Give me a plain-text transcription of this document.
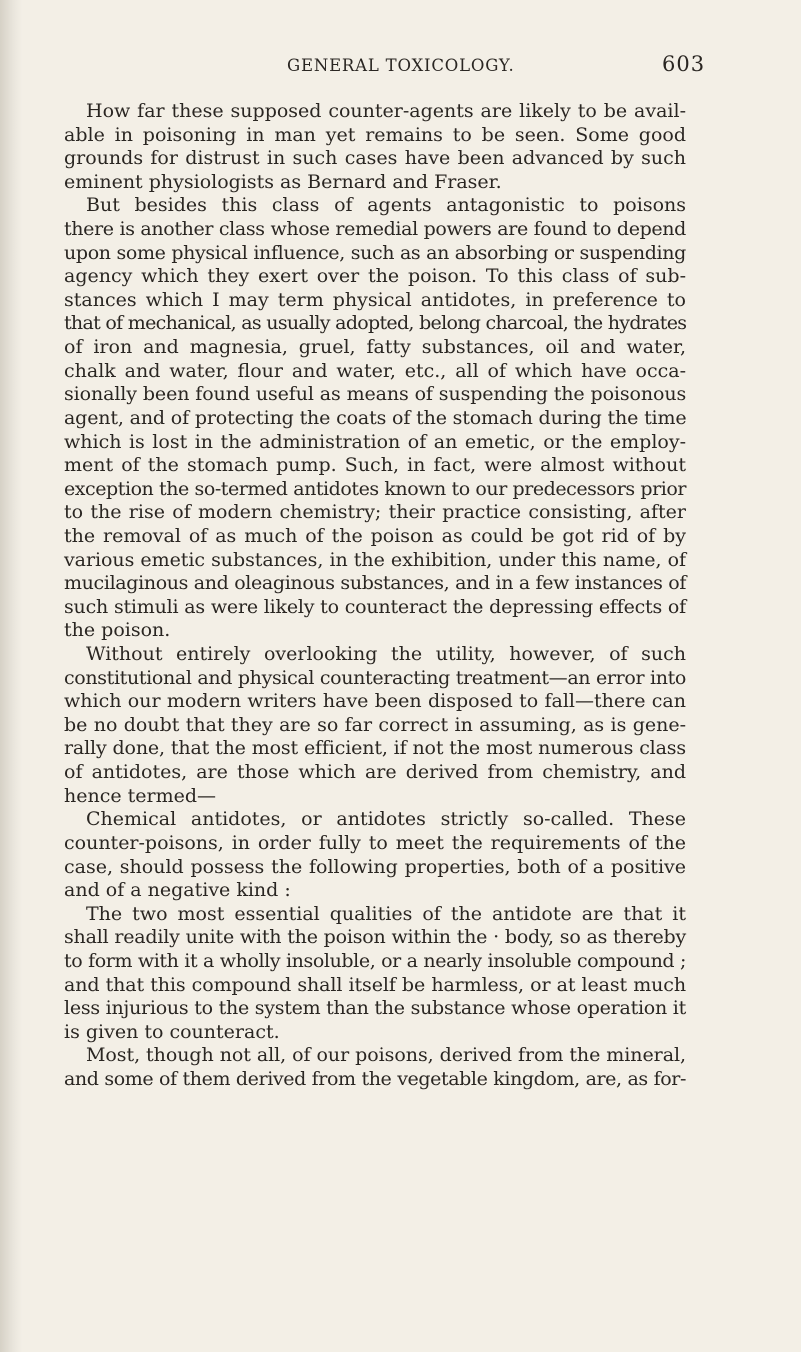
GENERAL TOXICOLOGY.	603
How far these supposed counter-agents are likely to be avail-
able in poisoning in man yet remains to be seen. Some good
grounds for distrust in such cases have been advanced by such
eminent physiologists as Bernard and Fraser.
But besides this class of agents antagonistic to poisons
there is another class whose remedial powers are found to depend
upon some physical influence, such as an absorbing or suspending
agency which they exert over the poison. To this class of sub-
stances which I may term physical antidotes, in preference to
that of mechanical, as usually adopted, belong charcoal, the hydrates
of iron and magnesia, gruel, fatty substances, oil and water,
chalk and water, flour and water, etc., all of which have occa-
sionally been found useful as means of suspending the poisonous
agent, and of protecting the coats of the stomach during the time
which is lost in the administration of an emetic, or the employ-
ment of the stomach pump. Such, in fact, were almost without
exception the so-termed antidotes known to our predecessors prior
to the rise of modern chemistry; their practice consisting, after
the removal of as much of the poison as could be got rid of by
various emetic substances, in the exhibition, under this name, of
mucilaginous and oleaginous substances, and in a few instances of
such stimuli as were likely to counteract the depressing effects of
the poison.
Without entirely overlooking the utility, however, of such
constitutional and physical counteracting treatment—an error into
which our modern writers have been disposed to fall—there can
be no doubt that they are so far correct in assuming, as is gene-
rally done, that the most efficient, if not the most numerous class
of antidotes, are those which are derived from chemistry, and
hence termed—
Chemical antidotes, or antidotes strictly so-called. These
counter-poisons, in order fully to meet the requirements of the
case, should possess the following properties, both of a positive
and of a negative kind :
The two most essential qualities of the antidote are that it
shall readily unite with the poison within the · body, so as thereby
to form with it a wholly insoluble, or a nearly insoluble compound ;
and that this compound shall itself be harmless, or at least much
less injurious to the system than the substance whose operation it
is given to counteract.
Most, though not all, of our poisons, derived from the mineral,
and some of them derived from the vegetable kingdom, are, as for-
